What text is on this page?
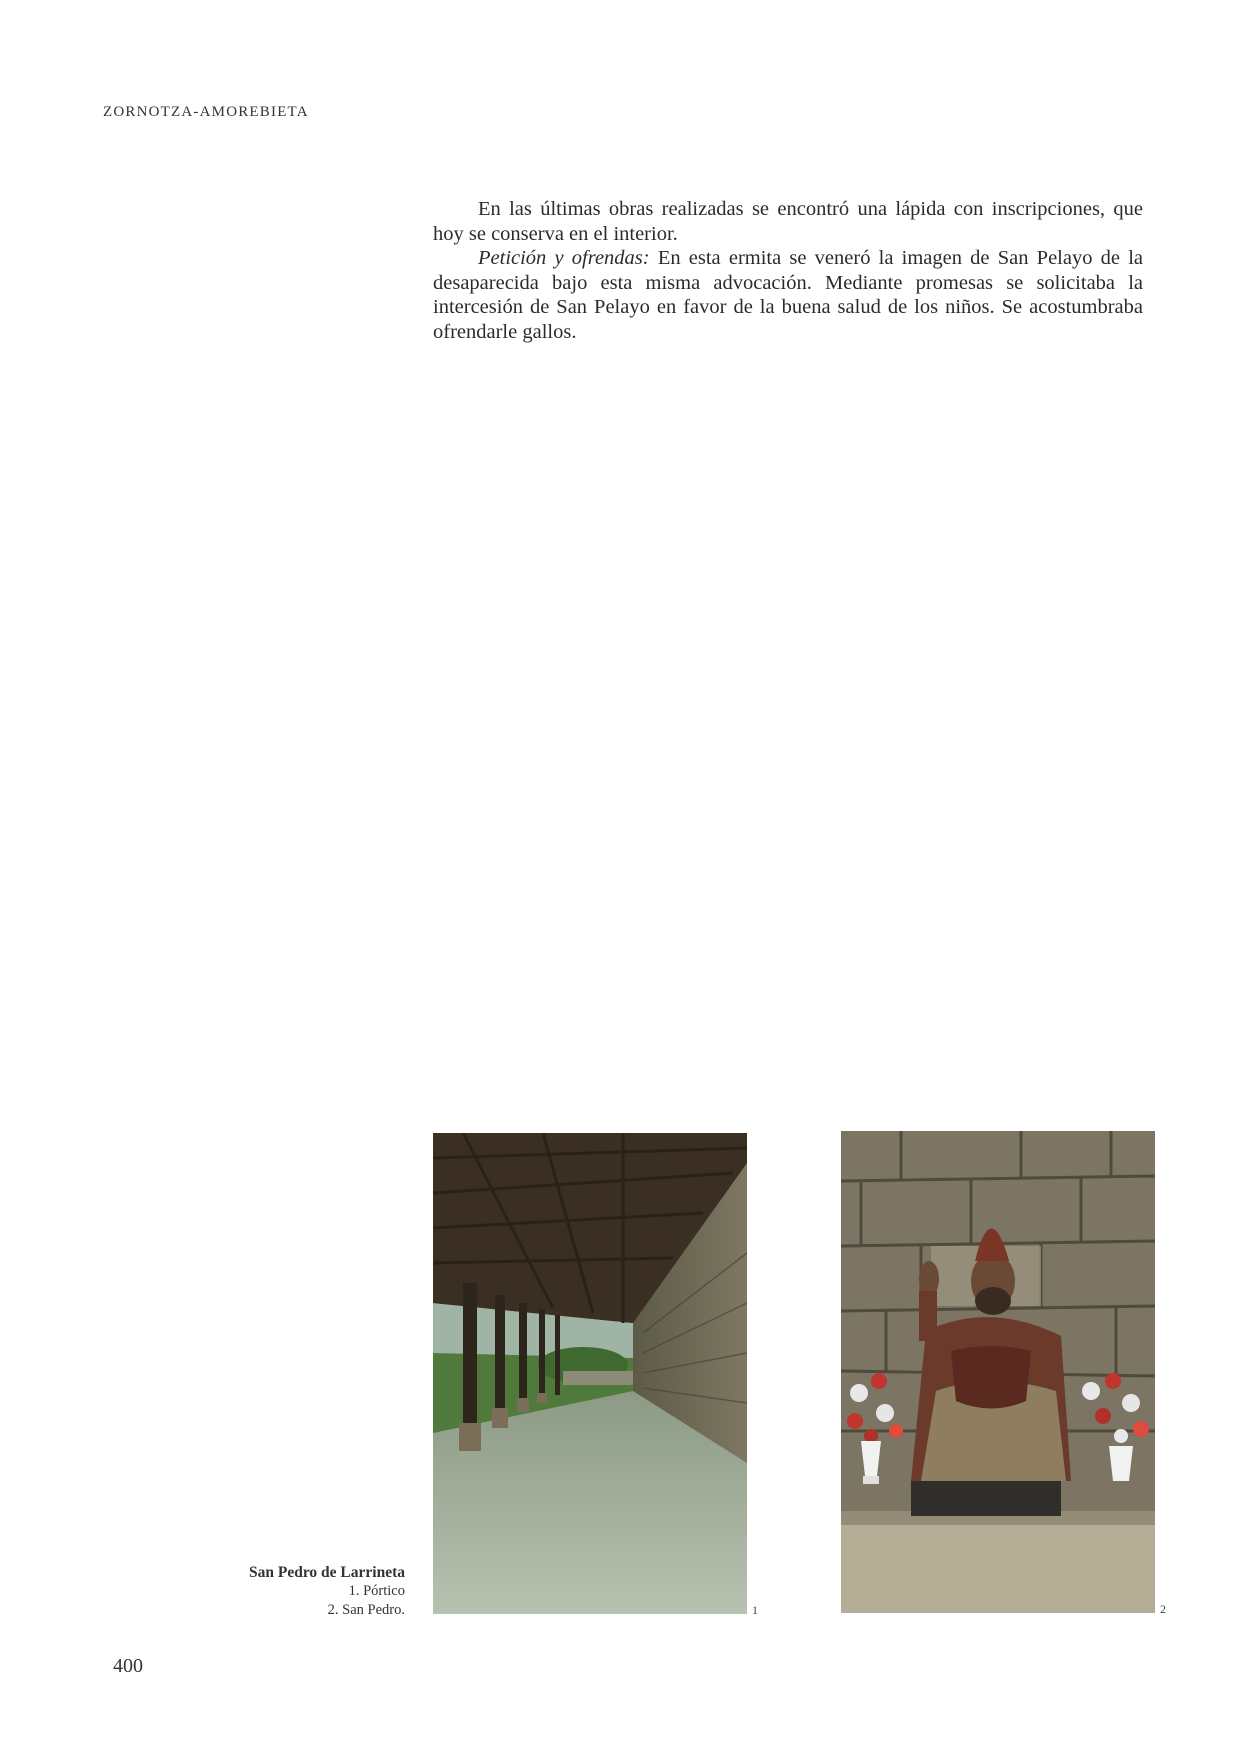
ZORNOTZA-AMOREBIETA

En las últimas obras realizadas se encontró una lápida con inscripciones, que hoy se conserva en el interior.

Petición y ofrendas: En esta ermita se veneró la imagen de San Pelayo de la desaparecida bajo esta misma advocación. Mediante promesas se solicitaba la intercesión de San Pelayo en favor de la buena salud de los niños. Se acostumbraba ofrendarle gallos.

San Pedro de Larrineta
1. Pórtico
2. San Pedro.	1	2
400
